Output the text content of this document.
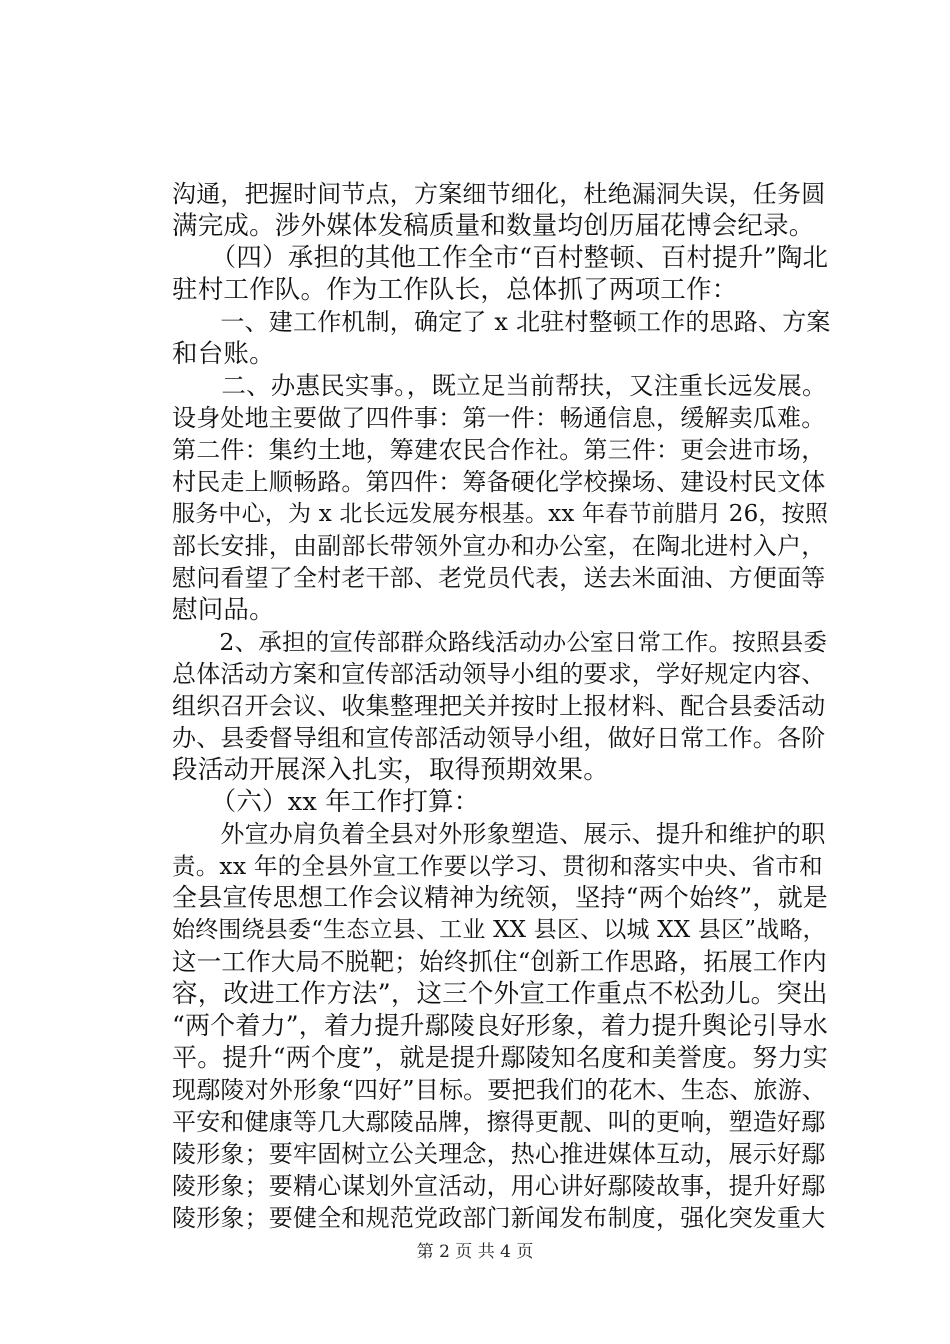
沟通，把握时间节点，方案细节细化，杜绝漏洞失误，任务圆
满完成。涉外媒体发稿质量和数量均创历届花博会纪录。
　　（四）承担的其他工作全市“百村整顿、百村提升”陶北
驻村工作队。作为工作队长，总体抓了两项工作：
　　一、建工作机制，确定了 x 北驻村整顿工作的思路、方案
和台账。
　　二、办惠民实事。，既立足当前帮扶，又注重长远发展。
设身处地主要做了四件事：第一件：畅通信息，缓解卖瓜难。
第二件：集约土地，筹建农民合作社。第三件：更会进市场，
村民走上顺畅路。第四件：筹备硬化学校操场、建设村民文体
服务中心，为 x 北长远发展夯根基。xx 年春节前腊月 26，按照
部长安排，由副部长带领外宣办和办公室，在陶北进村入户，
慰问看望了全村老干部、老党员代表，送去米面油、方便面等
慰问品。
　　2、承担的宣传部群众路线活动办公室日常工作。按照县委
总体活动方案和宣传部活动领导小组的要求，学好规定内容、
组织召开会议、收集整理把关并按时上报材料、配合县委活动
办、县委督导组和宣传部活动领导小组，做好日常工作。各阶
段活动开展深入扎实，取得预期效果。
　　（六）xx 年工作打算：
　　外宣办肩负着全县对外形象塑造、展示、提升和维护的职
责。xx 年的全县外宣工作要以学习、贯彻和落实中央、省市和
全县宣传思想工作会议精神为统领，坚持“两个始终”，就是
始终围绕县委“生态立县、工业 XX 县区、以城 XX 县区”战略，
这一工作大局不脱靶；始终抓住“创新工作思路，拓展工作内
容，改进工作方法”，这三个外宣工作重点不松劲儿。突出
“两个着力”，着力提升鄢陵良好形象，着力提升舆论引导水
平。提升“两个度”，就是提升鄢陵知名度和美誉度。努力实
现鄢陵对外形象“四好”目标。要把我们的花木、生态、旅游、
平安和健康等几大鄢陵品牌，擦得更靓、叫的更响，塑造好鄢
陵形象；要牢固树立公关理念，热心推进媒体互动，展示好鄢
陵形象；要精心谋划外宣活动，用心讲好鄢陵故事，提升好鄢
陵形象；要健全和规范党政部门新闻发布制度，强化突发重大
第 2 页 共 4 页
